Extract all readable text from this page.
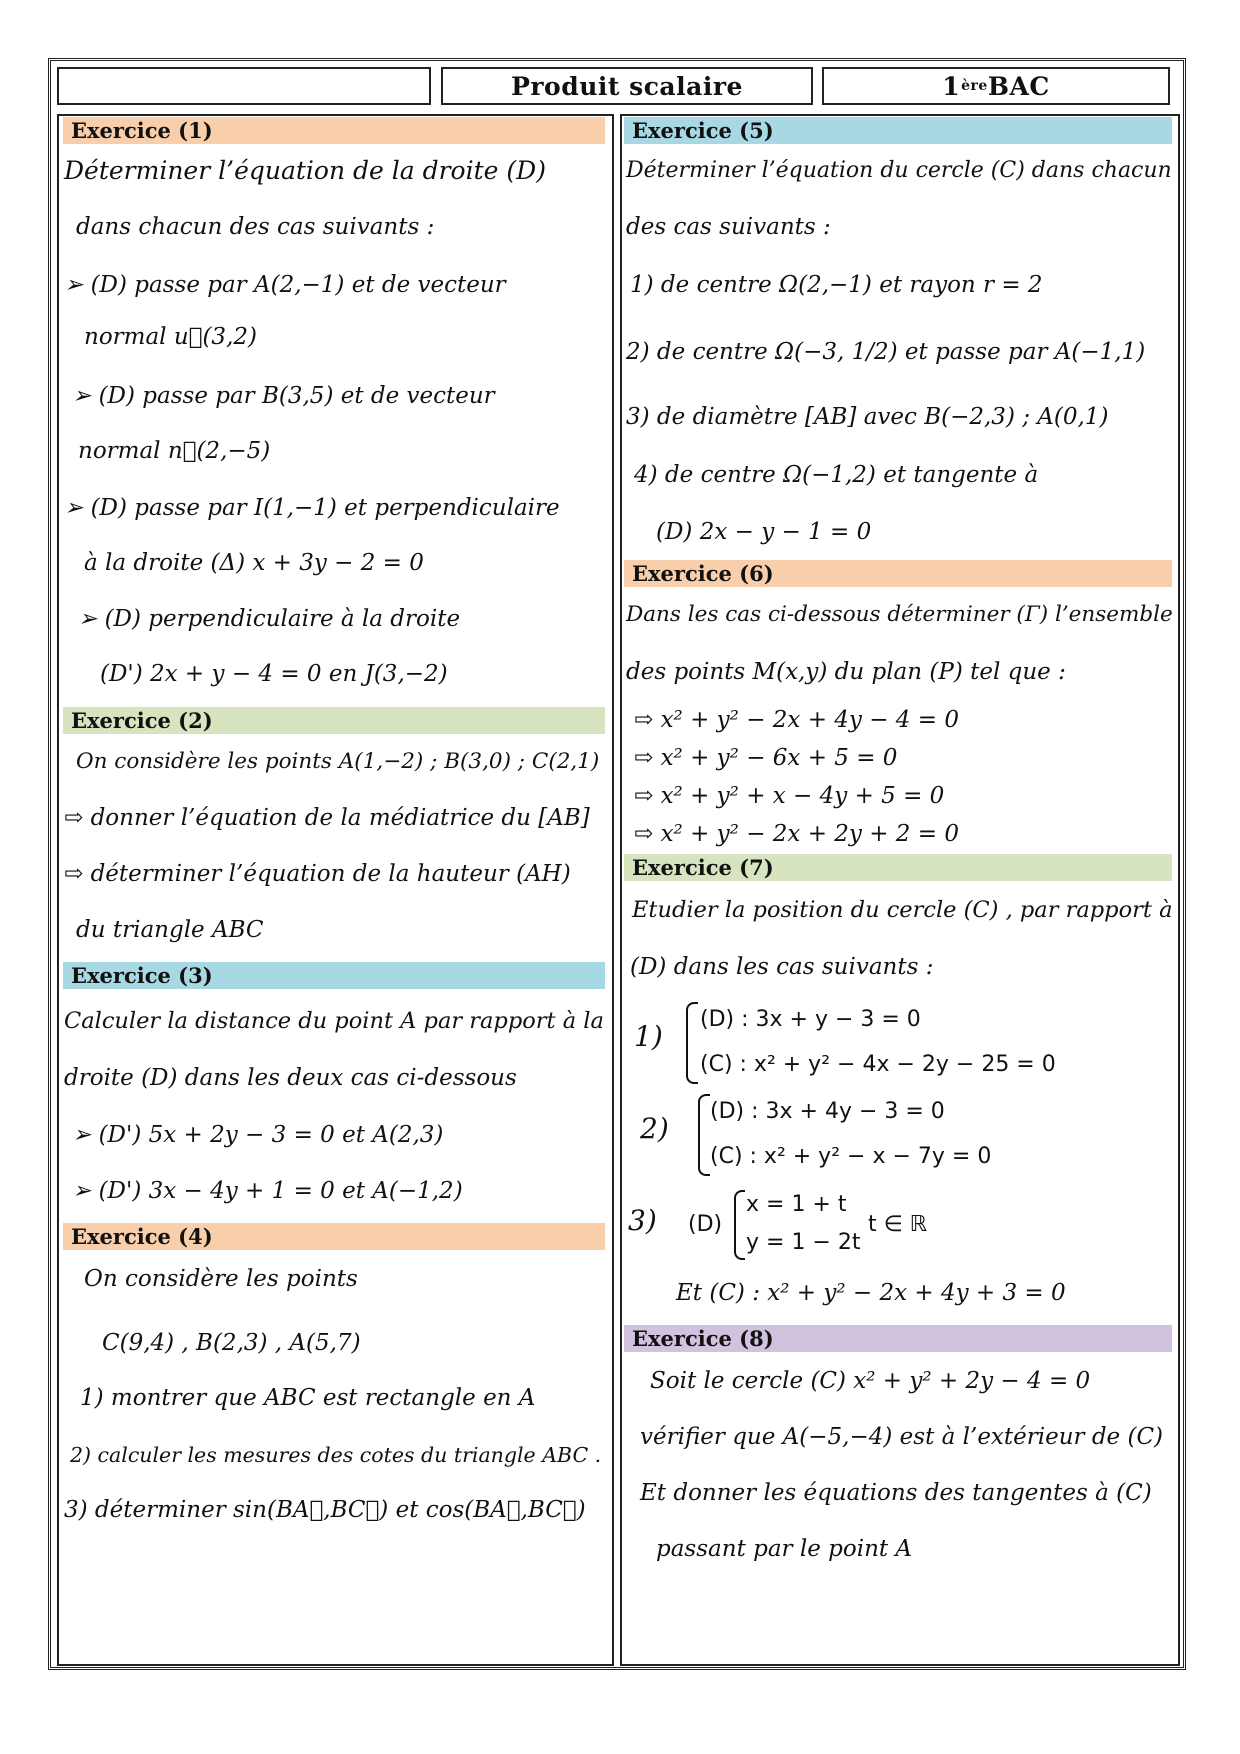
Produit scalaire	1 ère BAC
Exercice (1)
Déterminer l’équation de la droite (D)
dans chacun des cas suivants :
➢ (D) passe par A(2,−1) et de vecteur
normal u⃗(3,2)
➢ (D) passe par B(3,5) et de vecteur
normal n⃗(2,−5)
➢ (D) passe par I(1,−1) et perpendiculaire
à la droite (Δ) x + 3y − 2 = 0
➢ (D) perpendiculaire à la droite
(D') 2x + y − 4 = 0 en J(3,−2)
Exercice (2)
On considère les points A(1,−2) ; B(3,0) ; C(2,1)
⇨ donner l’équation de la médiatrice du [AB]
⇨ déterminer l’équation de la hauteur (AH)
du triangle ABC
Exercice (3)
Calculer la distance du point A par rapport à la
droite (D) dans les deux cas ci-dessous
➢ (D') 5x + 2y − 3 = 0 et A(2,3)
➢ (D') 3x − 4y + 1 = 0 et A(−1,2)
Exercice (4)
On considère les points
C(9,4) , B(2,3) , A(5,7)
1) montrer que ABC est rectangle en A
2) calculer les mesures des cotes du triangle ABC .
3) déterminer sin(BA⃗,BC⃗) et cos(BA⃗,BC⃗)
Exercice (5)
Déterminer l’équation du cercle (C) dans chacun
des cas suivants :
1) de centre Ω(2,−1) et rayon r = 2
2) de centre Ω(−3, 1/2) et passe par A(−1,1)
3) de diamètre [AB] avec B(−2,3) ; A(0,1)
4) de centre Ω(−1,2) et tangente à
(D) 2x − y − 1 = 0
Exercice (6)
Dans les cas ci-dessous déterminer (Γ) l’ensemble
des points M(x,y) du plan (P) tel que :
⇨ x² + y² − 2x + 4y − 4 = 0
⇨ x² + y² − 6x + 5 = 0
⇨ x² + y² + x − 4y + 5 = 0
⇨ x² + y² − 2x + 2y + 2 = 0
Exercice (7)
Etudier la position du cercle (C) , par rapport à
(D) dans les cas suivants :
1)
(D) : 3x + y − 3 = 0
(C) : x² + y² − 4x − 2y − 25 = 0
2)
(D) : 3x + 4y − 3 = 0
(C) : x² + y² − x − 7y = 0
3) (D)
x = 1 + t
y = 1 − 2t
t ∈ ℝ
Et (C) : x² + y² − 2x + 4y + 3 = 0
Exercice (8)
Soit le cercle (C) x² + y² + 2y − 4 = 0
vérifier que A(−5,−4) est à l’extérieur de (C)
Et donner les équations des tangentes à (C)
passant par le point A
